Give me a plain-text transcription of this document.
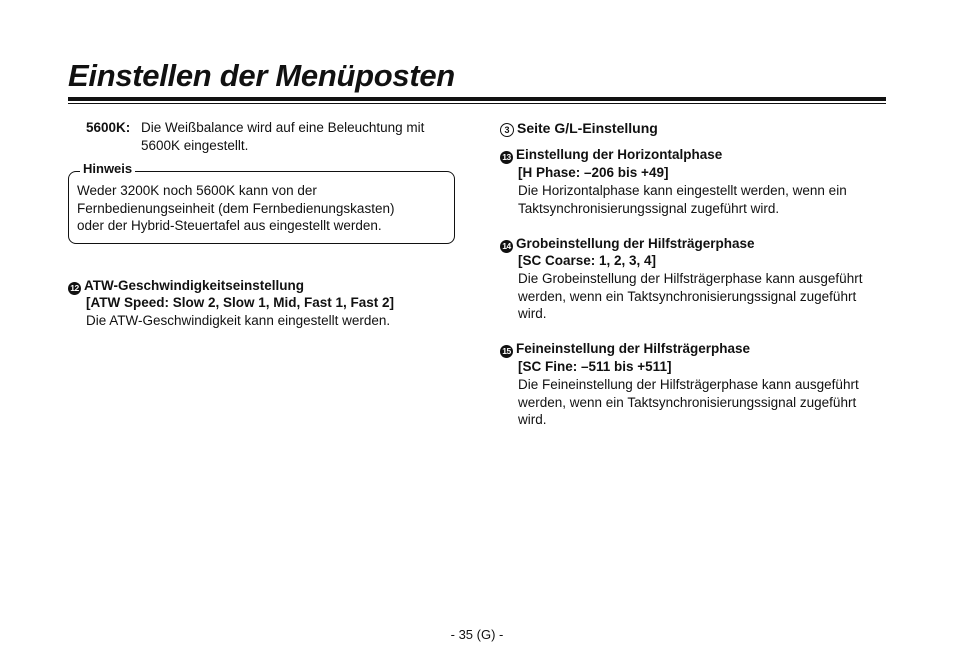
Einstellen der Menüposten

5600K: Die Weißbalance wird auf eine Beleuchtung mit
5600K eingestellt.

Hinweis

Weder 3200K noch 5600K kann von der
Fernbedienungseinheit (dem Fernbedienungskasten)
oder der Hybrid-Steuertafel aus eingestellt werden.

12 ATW-Geschwindigkeitseinstellung

[ATW Speed: Slow 2, Slow 1, Mid, Fast 1, Fast 2]

Die ATW-Geschwindigkeit kann eingestellt werden.

3 Seite G/L-Einstellung

13 Einstellung der Horizontalphase

[H Phase: –206 bis +49]

Die Horizontalphase kann eingestellt werden, wenn ein
Taktsynchronisierungssignal zugeführt wird.

14 Grobeinstellung der Hilfsträgerphase

[SC Coarse: 1, 2, 3, 4]

Die Grobeinstellung der Hilfsträgerphase kann ausgeführt
werden, wenn ein Taktsynchronisierungssignal zugeführt
wird.

15 Feineinstellung der Hilfsträgerphase

[SC Fine: –511 bis +511]

Die Feineinstellung der Hilfsträgerphase kann ausgeführt
werden, wenn ein Taktsynchronisierungssignal zugeführt
wird.

- 35 (G) -
